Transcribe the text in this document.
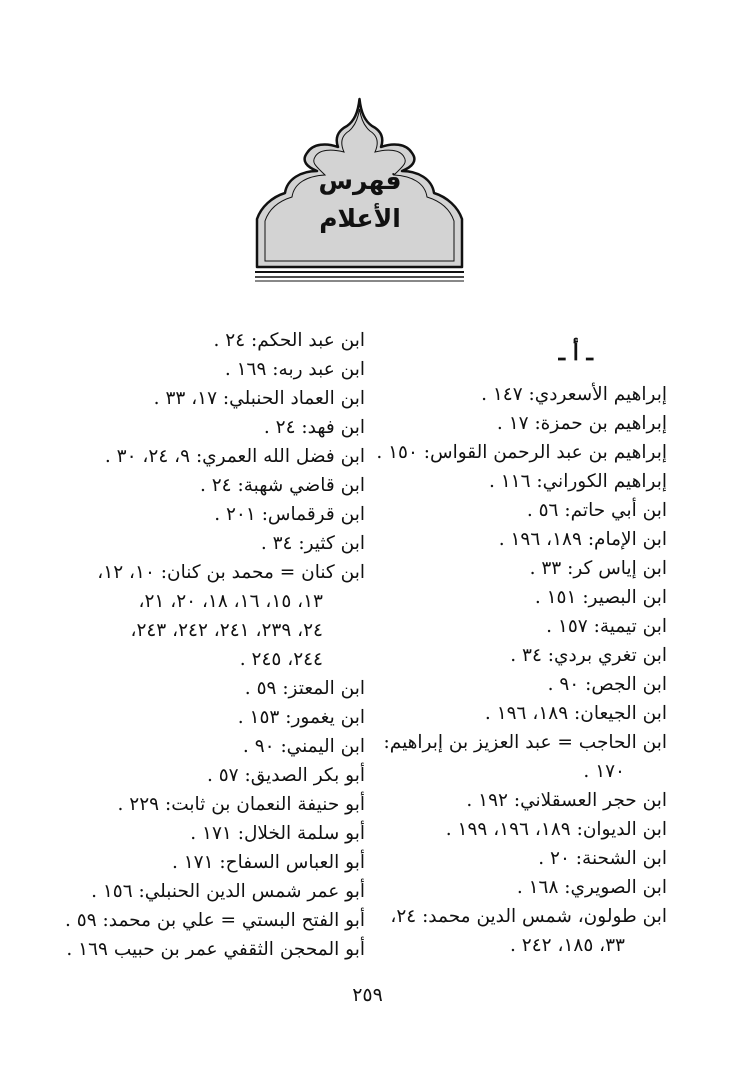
فهرس
الأعلام
ـ أ ـ
إبراهيم الأسعردي: ١٤٧ .
إبراهيم بن حمزة: ١٧ .
إبراهيم بن عبد الرحمن القواس: ١٥٠ .
إبراهيم الكوراني: ١١٦ .
ابن أبي حاتم: ٥٦ .
ابن الإمام: ١٨٩، ١٩٦ .
ابن إياس كر: ٣٣ .
ابن البصير: ١٥١ .
ابن تيمية: ١٥٧ .
ابن تغري بردي: ٣٤ .
ابن الجص: ٩٠ .
ابن الجيعان: ١٨٩، ١٩٦ .
ابن الحاجب = عبد العزيز بن إبراهيم:
١٧٠ .
ابن حجر العسقلاني: ١٩٢ .
ابن الديوان: ١٨٩، ١٩٦، ١٩٩ .
ابن الشحنة: ٢٠ .
ابن الصويري: ١٦٨ .
ابن طولون، شمس الدين محمد: ٢٤،
٣٣، ١٨٥، ٢٤٢ .
ابن عبد الحكم: ٢٤ .
ابن عبد ربه: ١٦٩ .
ابن العماد الحنبلي: ١٧، ٣٣ .
ابن فهد: ٢٤ .
ابن فضل الله العمري: ٩، ٢٤، ٣٠ .
ابن قاضي شهبة: ٢٤ .
ابن قرقماس: ٢٠١ .
ابن كثير: ٣٤ .
ابن كنان = محمد بن كنان: ١٠، ١٢،
١٣، ١٥، ١٦، ١٨، ٢٠، ٢١،
٢٤، ٢٣٩، ٢٤١، ٢٤٢، ٢٤٣،
٢٤٤، ٢٤٥ .
ابن المعتز: ٥٩ .
ابن يغمور: ١٥٣ .
ابن اليمني: ٩٠ .
أبو بكر الصديق: ٥٧ .
أبو حنيفة النعمان بن ثابت: ٢٢٩ .
أبو سلمة الخلال: ١٧١ .
أبو العباس السفاح: ١٧١ .
أبو عمر شمس الدين الحنبلي: ١٥٦ .
أبو الفتح البستي = علي بن محمد: ٥٩ .
أبو المحجن الثقفي عمر بن حبيب ١٦٩ .
٢٥٩
